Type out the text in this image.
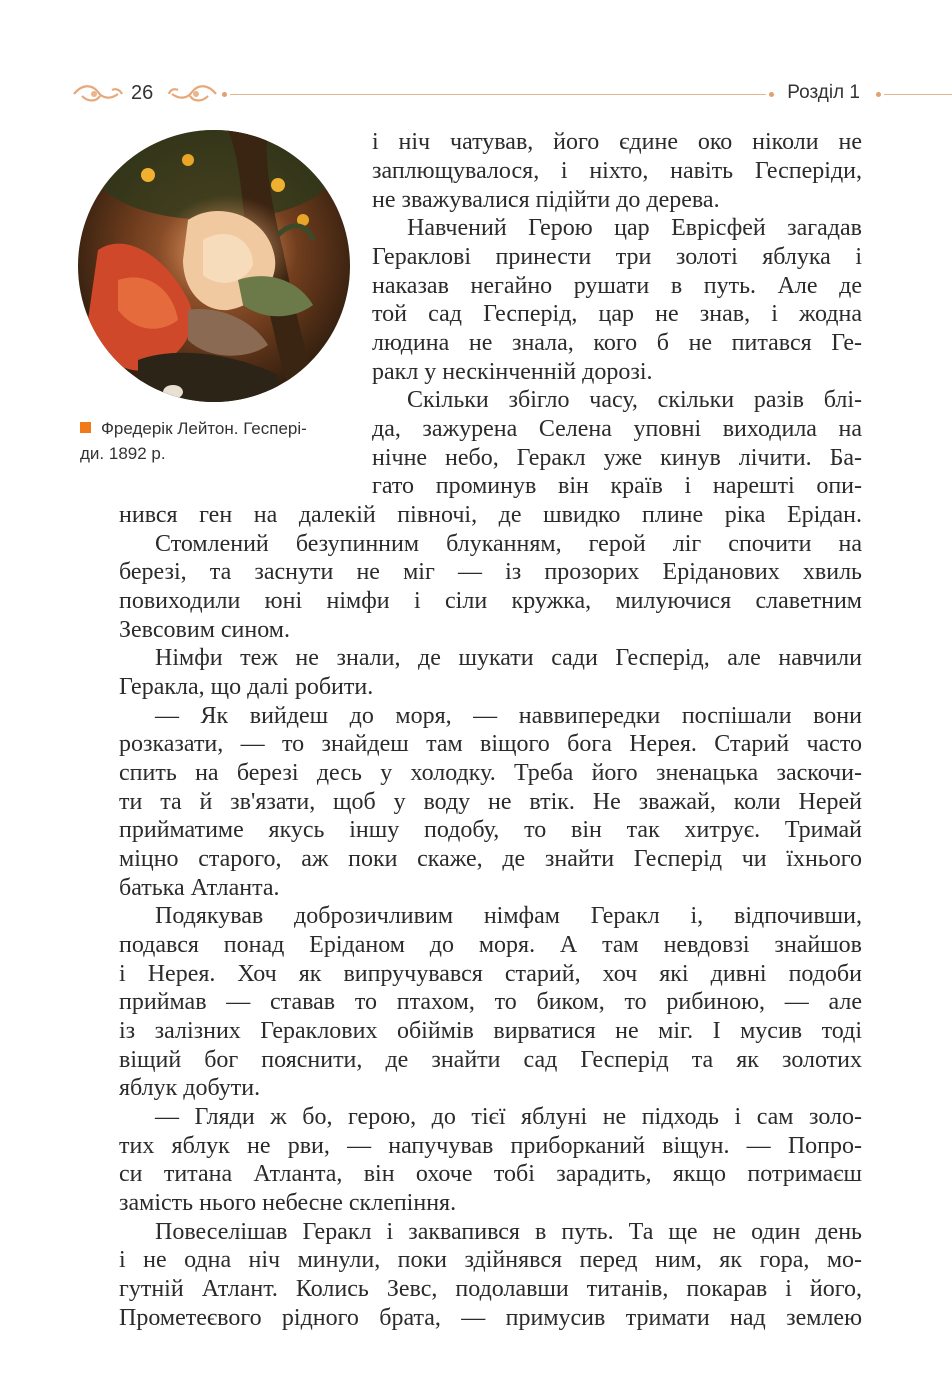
26	Розділ 1
Фредерік Лейтон. Геспері-
ди. 1892 р.
і ніч чатував, його єдине око ніколи не
заплющувалося, і ніхто, навіть Гесперіди,
не зважувалися підійти до дерева.
Навчений Герою цар Еврісфей загадав
Гераклові принести три золоті яблука і
наказав негайно рушати в путь. Але де
той сад Гесперід, цар не знав, і жодна
людина не знала, кого б не питався Ге-
ракл у нескінченній дорозі.
Скільки збігло часу, скільки разів блі-
да, зажурена Селена уповні виходила на
нічне небо, Геракл уже кинув лічити. Ба-
гато проминув він країв і нарешті опи-
нився ген на далекій півночі, де швидко плине ріка Ерідан.
Стомлений безупинним блуканням, герой ліг спочити на
березі, та заснути не міг — із прозорих Еріданових хвиль
повиходили юні німфи і сіли кружка, милуючися славетним
Зевсовим сином.
Німфи теж не знали, де шукати сади Гесперід, але навчили
Геракла, що далі робити.
— Як вийдеш до моря, — наввипередки поспішали вони
розказати, — то знайдеш там віщого бога Нерея. Старий часто
спить на березі десь у холодку. Треба його зненацька заскочи-
ти та й зв'язати, щоб у воду не втік. Не зважай, коли Нерей
прийматиме якусь іншу подобу, то він так хитрує. Тримай
міцно старого, аж поки скаже, де знайти Гесперід чи їхнього
батька Атланта.
Подякував доброзичливим німфам Геракл і, відпочивши,
подався понад Еріданом до моря. А там невдовзі знайшов
і Нерея. Хоч як випручувався старий, хоч які дивні подоби
приймав — ставав то птахом, то биком, то рибиною, — але
із залізних Гераклових обіймів вирватися не міг. І мусив тоді
віщий бог пояснити, де знайти сад Гесперід та як золотих
яблук добути.
— Гляди ж бо, герою, до тієї яблуні не підходь і сам золо-
тих яблук не рви, — напучував приборканий віщун. — Попро-
си титана Атланта, він охоче тобі зарадить, якщо потримаєш
замість нього небесне склепіння.
Повеселішав Геракл і заквапився в путь. Та ще не один день
і не одна ніч минули, поки здійнявся перед ним, як гора, мо-
гутній Атлант. Колись Зевс, подолавши титанів, покарав і його,
Прометеєвого рідного брата, — примусив тримати над землею
